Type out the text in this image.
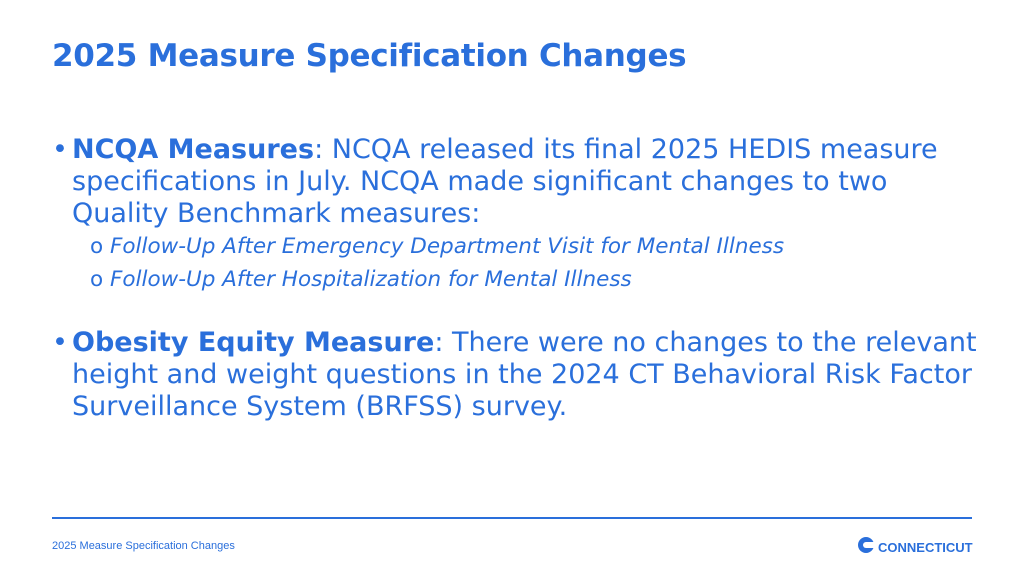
2025 Measure Specification Changes
• NCQA Measures: NCQA released its final 2025 HEDIS measure specifications in July. NCQA made significant changes to two Quality Benchmark measures:
o Follow-Up After Emergency Department Visit for Mental Illness
o Follow-Up After Hospitalization for Mental Illness
• Obesity Equity Measure: There were no changes to the relevant height and weight questions in the 2024 CT Behavioral Risk Factor Surveillance System (BRFSS) survey.
2025 Measure Specification Changes	CONNECTICUT
